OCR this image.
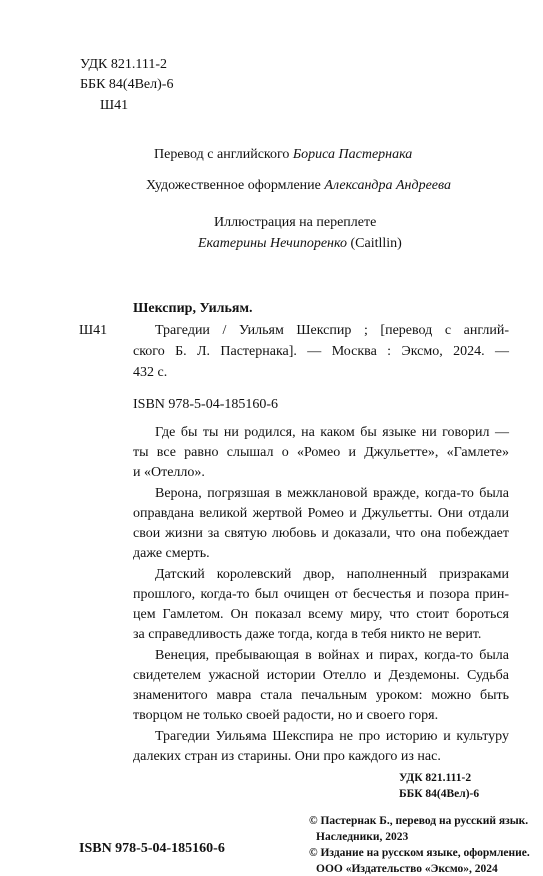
УДК 821.111-2
ББК 84(4Вел)-6
Ш41
Перевод с английского Бориса Пастернака
Художественное оформление Александра Андреева
Иллюстрация на переплете
Екатерины Нечипоренко (Caitllin)
Шекспир, Уильям.
Ш41	Трагедии / Уильям Шекспир ; [перевод с англий-
ского Б. Л. Пастернака]. — Москва : Эксмо, 2024. —
432 с.
ISBN 978-5-04-185160-6
Где бы ты ни родился, на каком бы языке ни говорил —
ты все равно слышал о «Ромео и Джульетте», «Гамлете»
и «Отелло».
Верона, погрязшая в межклановой вражде, когда-то была
оправдана великой жертвой Ромео и Джульетты. Они отдали
свои жизни за святую любовь и доказали, что она побеждает
даже смерть.
Датский королевский двор, наполненный призраками
прошлого, когда-то был очищен от бесчестья и позора прин-
цем Гамлетом. Он показал всему миру, что стоит бороться
за справедливость даже тогда, когда в тебя никто не верит.
Венеция, пребывающая в войнах и пирах, когда-то была
свидетелем ужасной истории Отелло и Дездемоны. Судьба
знаменитого мавра стала печальным уроком: можно быть
творцом не только своей радости, но и своего горя.
Трагедии Уильяма Шекспира не про историю и культуру
далеких стран из старины. Они про каждого из нас.
УДК 821.111-2
ББК 84(4Вел)-6
© Пастернак Б., перевод на русский язык.
Наследники, 2023
ISBN 978-5-04-185160-6	© Издание на русском языке, оформление.
ООО «Издательство «Эксмо», 2024
